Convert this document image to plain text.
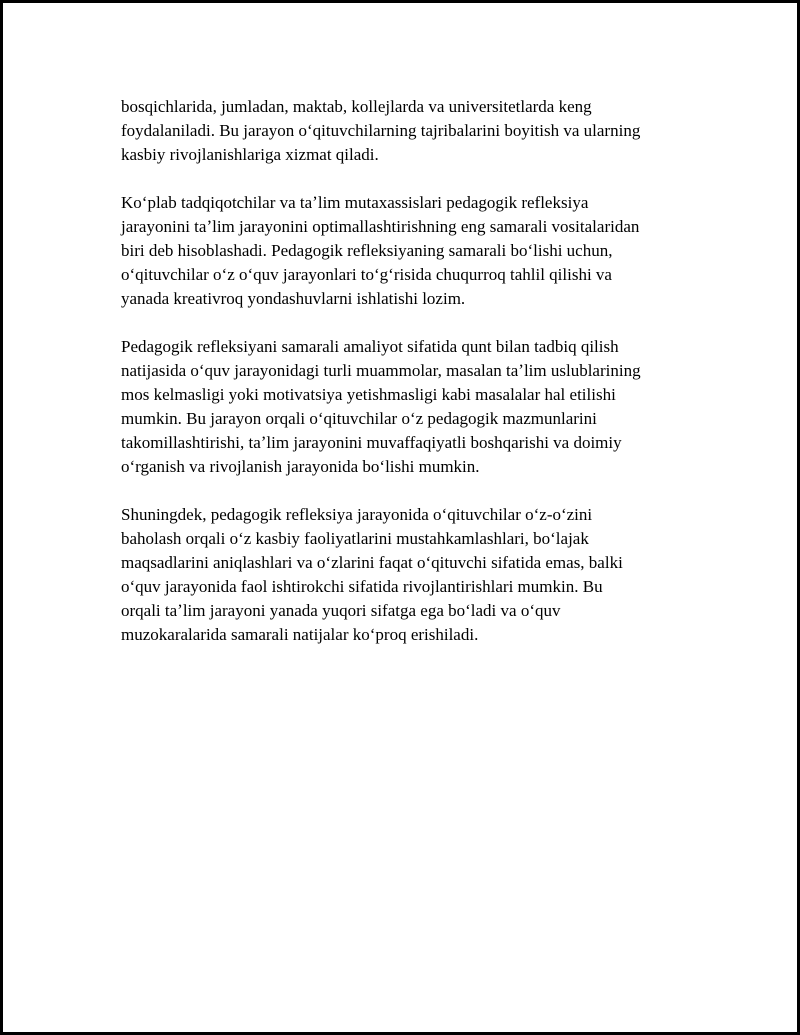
bosqichlarida, jumladan, maktab, kollejlarda va universitetlarda keng
foydalaniladi. Bu jarayon oʻqituvchilarning tajribalarini boyitish va ularning
kasbiy rivojlanishlariga xizmat qiladi.

Koʻplab tadqiqotchilar va taʼlim mutaxassislari pedagogik refleksiya
jarayonini taʼlim jarayonini optimallashtirishning eng samarali vositalaridan
biri deb hisoblashadi. Pedagogik refleksiyaning samarali boʻlishi uchun,
oʻqituvchilar oʻz oʻquv jarayonlari toʻgʻrisida chuqurroq tahlil qilishi va
yanada kreativroq yondashuvlarni ishlatishi lozim.

Pedagogik refleksiyani samarali amaliyot sifatida qunt bilan tadbiq qilish
natijasida oʻquv jarayonidagi turli muammolar, masalan taʼlim uslublarining
mos kelmasligi yoki motivatsiya yetishmasligi kabi masalalar hal etilishi
mumkin. Bu jarayon orqali oʻqituvchilar oʻz pedagogik mazmunlarini
takomillashtirishi, taʼlim jarayonini muvaffaqiyatli boshqarishi va doimiy
oʻrganish va rivojlanish jarayonida boʻlishi mumkin.

Shuningdek, pedagogik refleksiya jarayonida oʻqituvchilar oʻz-oʻzini
baholash orqali oʻz kasbiy faoliyatlarini mustahkamlashlari, boʻlajak
maqsadlarini aniqlashlari va oʻzlarini faqat oʻqituvchi sifatida emas, balki
oʻquv jarayonida faol ishtirokchi sifatida rivojlantirishlari mumkin. Bu
orqali taʼlim jarayoni yanada yuqori sifatga ega boʻladi va oʻquv
muzokaralarida samarali natijalar koʻproq erishiladi.
